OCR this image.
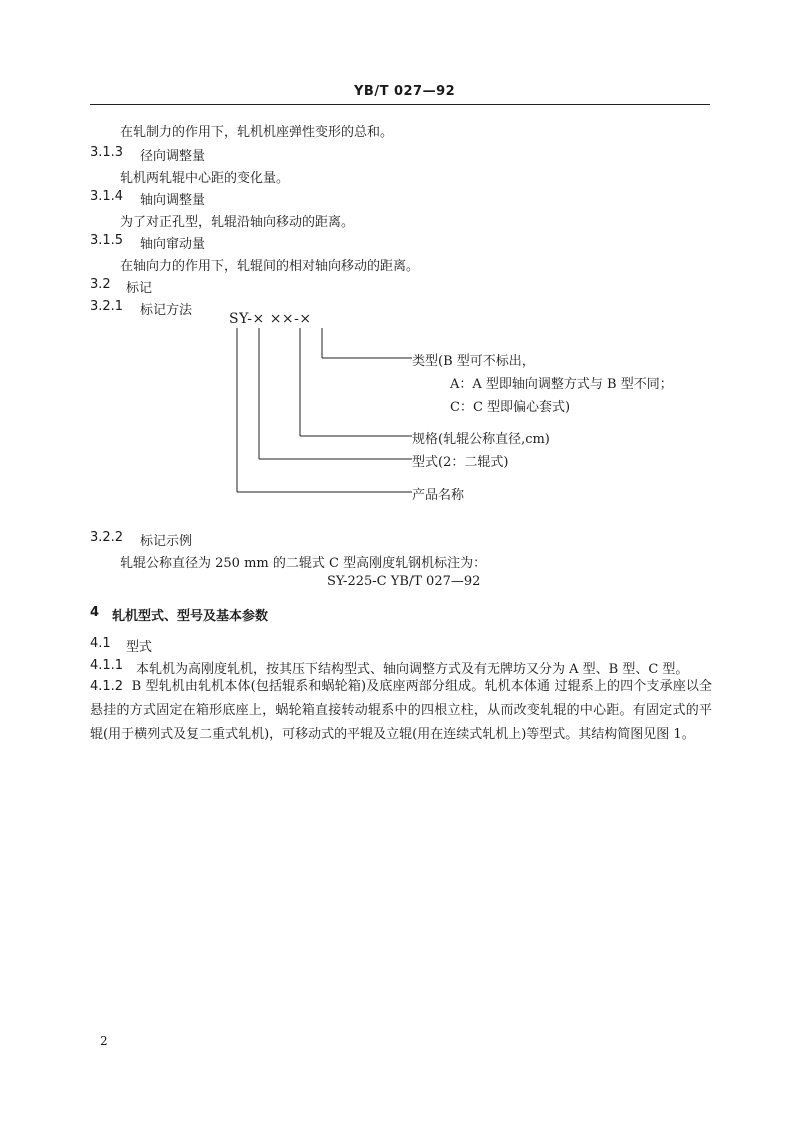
YB/T 027—92
在轧制力的作用下，轧机机座弹性变形的总和。
3.1.3 径向调整量
轧机两轧辊中心距的变化量。
3.1.4 轴向调整量
为了对正孔型，轧辊沿轴向移动的距离。
3.1.5 轴向窜动量
在轴向力的作用下，轧辊间的相对轴向移动的距离。
3.2 标记
3.2.1 标记方法
SY-× ××-×
类型(B 型可不标出，
A：A 型即轴向调整方式与 B 型不同；
C：C 型即偏心套式)
规格(轧辊公称直径,cm)
型式(2：二辊式)
产品名称
3.2.2 标记示例
轧辊公称直径为 250 mm 的二辊式 C 型高刚度轧钢机标注为：
SY-225-C YB/T 027—92
4 轧机型式、型号及基本参数
4.1 型式
4.1.1 本轧机为高刚度轧机，按其压下结构型式、轴向调整方式及有无牌坊又分为 A 型、B 型、C 型。
4.1.2 B 型轧机由轧机本体(包括辊系和蜗轮箱)及底座两部分组成。轧机本体通 过辊系上的四个支承座以全悬挂的方式固定在箱形底座上，蜗轮箱直接转动辊系中的四根立柱，从而改变轧辊的中心距。有固定式的平辊(用于横列式及复二重式轧机)，可移动式的平辊及立辊(用在连续式轧机上)等型式。其结构简图见图 1。
2
